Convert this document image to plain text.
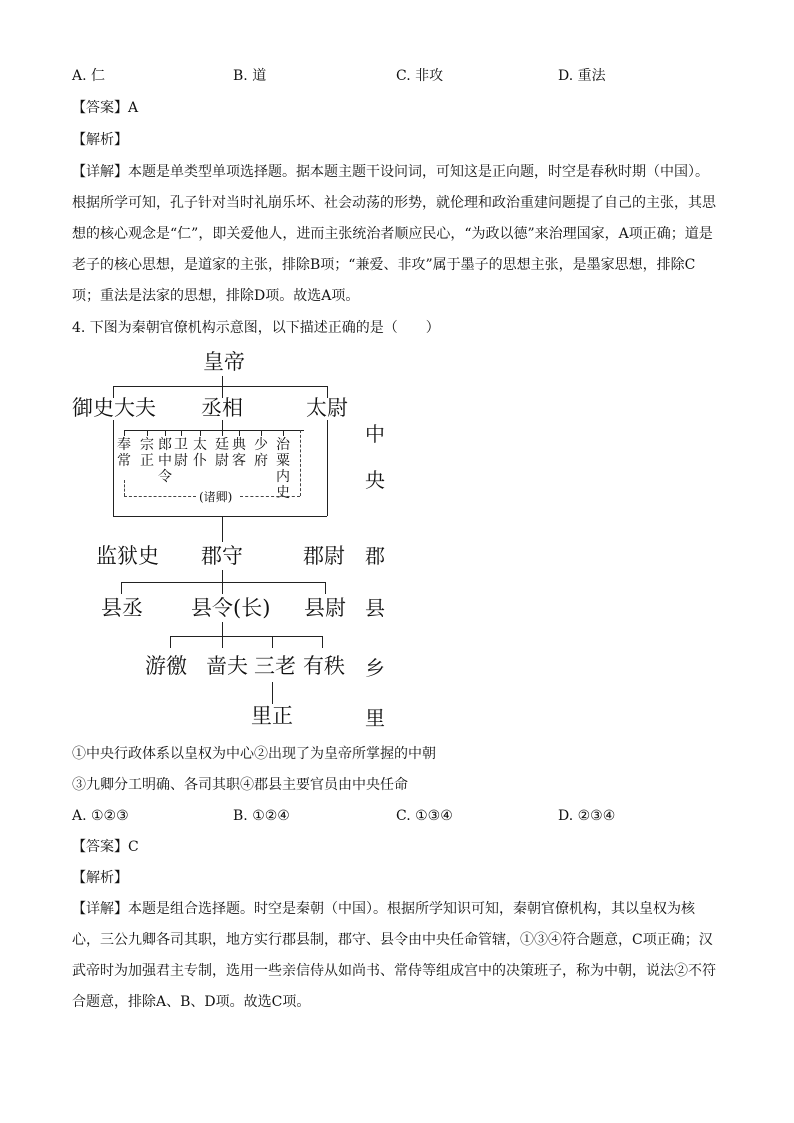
A. 仁	B. 道	C. 非攻	D. 重法
【答案】A
【解析】
【详解】本题是单类型单项选择题。据本题主题干设问词，可知这是正向题，时空是春秋时期（中国）。
根据所学可知，孔子针对当时礼崩乐坏、社会动荡的形势，就伦理和政治重建问题提了自己的主张，其思
想的核心观念是“仁”，即关爱他人，进而主张统治者顺应民心，“为政以德”来治理国家，A项正确；道是
老子的核心思想，是道家的主张，排除B项；“兼爱、非攻”属于墨子的思想主张，是墨家思想，排除C
项；重法是法家的思想，排除D项。故选A项。
4. 下图为秦朝官僚机构示意图，以下描述正确的是（　　）
皇帝
御史大夫 丞相	太尉
奉常
宗正
郎中令
卫尉
太仆
廷尉
典客
少府
治粟内史
(诸卿)
监狱史 郡守	郡尉
县丞 县令(长) 县尉
游徼 啬夫 三老 有秩
里正
中
央
郡
县
乡
里
①中央行政体系以皇权为中心②出现了为皇帝所掌握的中朝
③九卿分工明确、各司其职④郡县主要官员由中央任命
A. ①②③	B. ①②④	C. ①③④	D. ②③④
【答案】C
【解析】
【详解】本题是组合选择题。时空是秦朝（中国）。根据所学知识可知，秦朝官僚机构，其以皇权为核
心，三公九卿各司其职，地方实行郡县制，郡守、县令由中央任命管辖，①③④符合题意，C项正确；汉
武帝时为加强君主专制，选用一些亲信侍从如尚书、常侍等组成宫中的决策班子，称为中朝，说法②不符
合题意，排除A、B、D项。故选C项。
